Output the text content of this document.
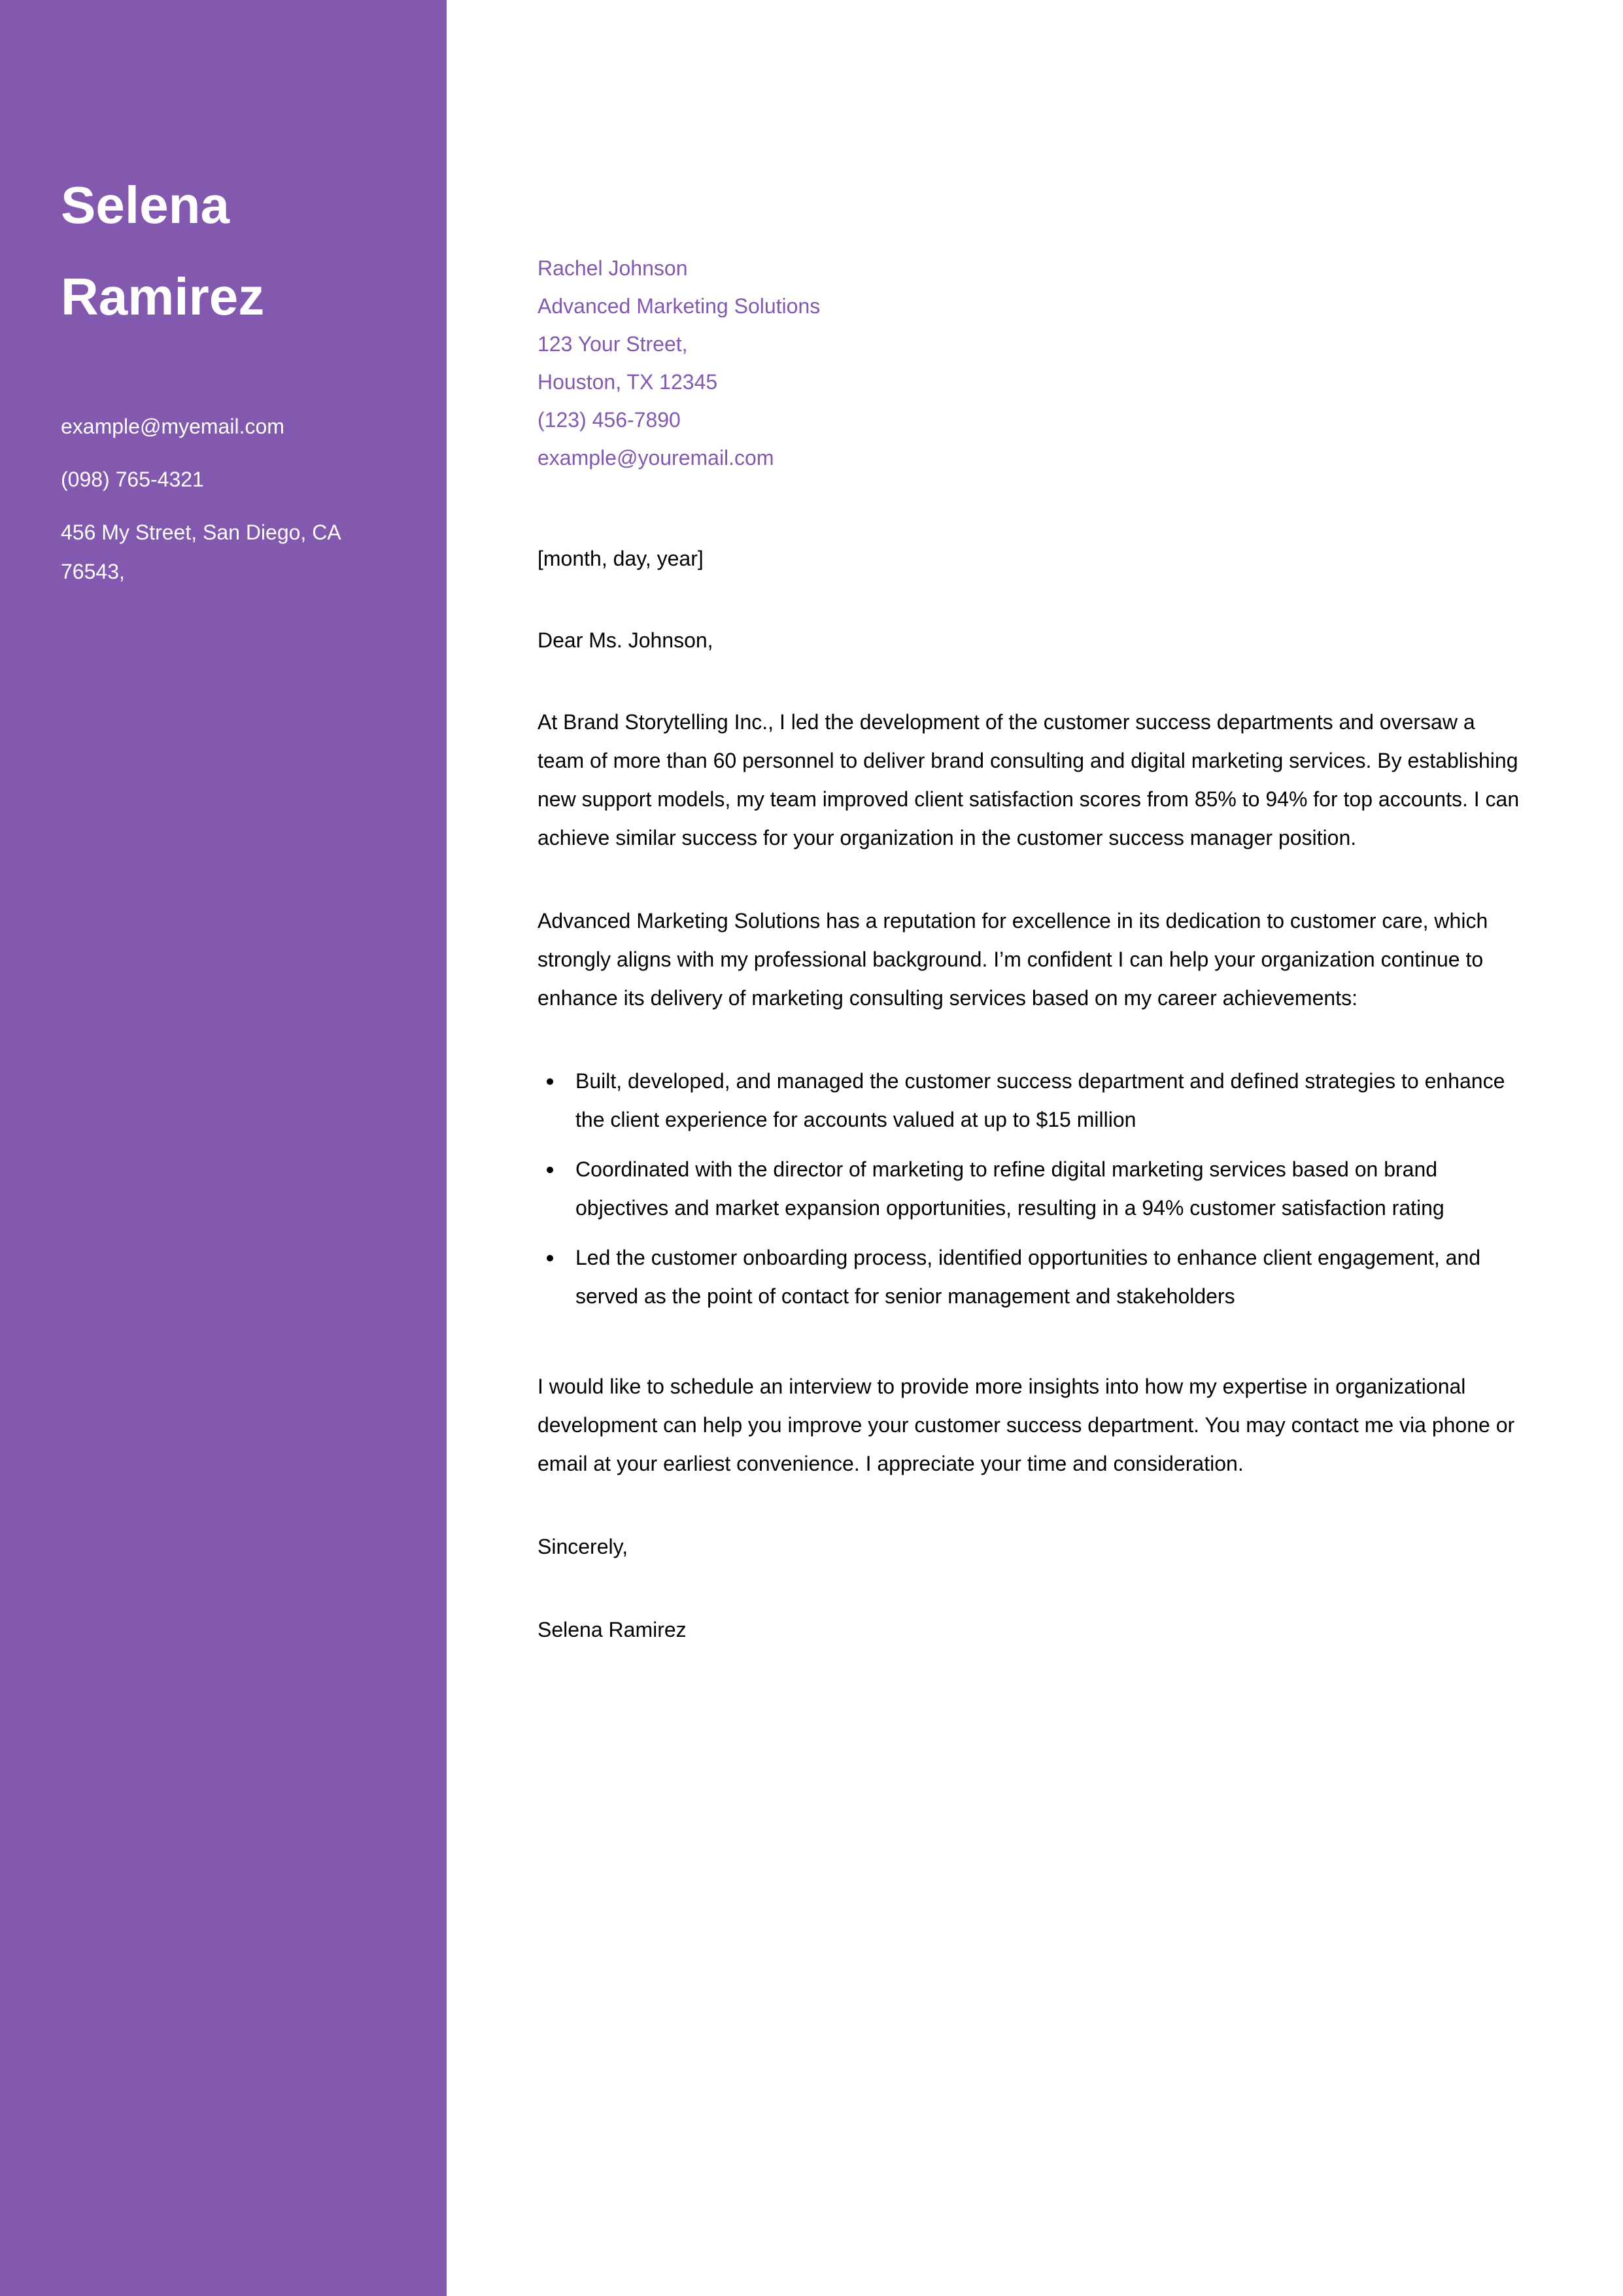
Selena
Ramirez
example@myemail.com
(098) 765-4321
456 My Street, San Diego, CA
76543,
Rachel Johnson
Advanced Marketing Solutions
123 Your Street,
Houston, TX 12345
(123) 456-7890
example@youremail.com

[month, day, year]

Dear Ms. Johnson,

At Brand Storytelling Inc., I led the development of the customer success departments and oversaw a team of more than 60 personnel to deliver brand consulting and digital marketing services. By establishing new support models, my team improved client satisfaction scores from 85% to 94% for top accounts. I can achieve similar success for your organization in the customer success manager position.

Advanced Marketing Solutions has a reputation for excellence in its dedication to customer care, which strongly aligns with my professional background. I’m confident I can help your organization continue to enhance its delivery of marketing consulting services based on my career achievements:

Built, developed, and managed the customer success department and defined strategies to enhance the client experience for accounts valued at up to $15 million
Coordinated with the director of marketing to refine digital marketing services based on brand objectives and market expansion opportunities, resulting in a 94% customer satisfaction rating
Led the customer onboarding process, identified opportunities to enhance client engagement, and served as the point of contact for senior management and stakeholders

I would like to schedule an interview to provide more insights into how my expertise in organizational development can help you improve your customer success department. You may contact me via phone or email at your earliest convenience. I appreciate your time and consideration.

Sincerely,

Selena Ramirez
